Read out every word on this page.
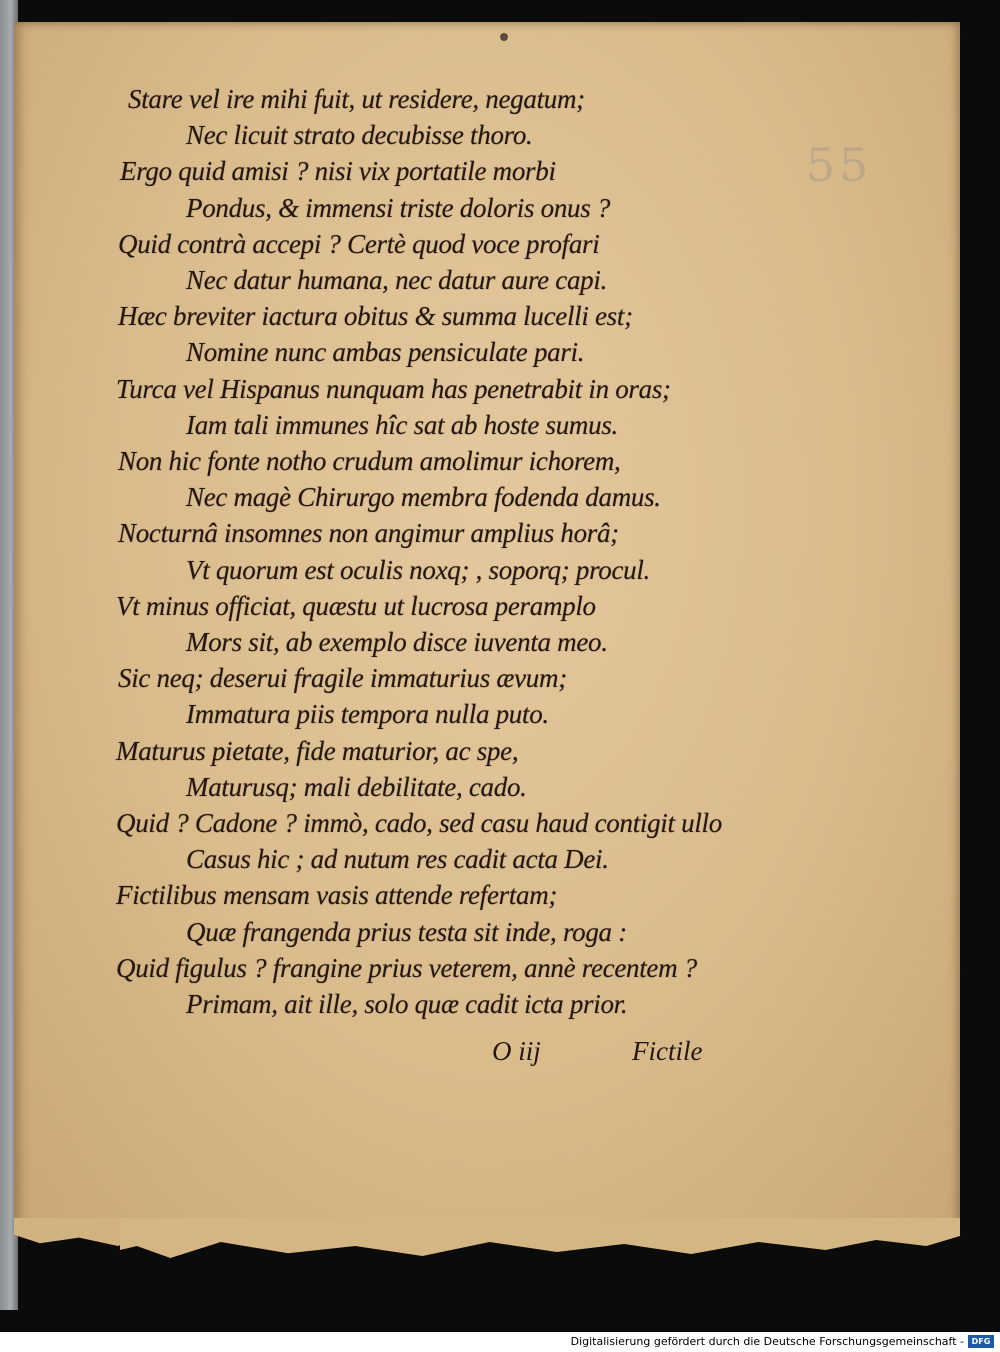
55
Stare vel ire mihi fuit, ut residere, negatum;
Nec licuit strato decubisse thoro.
Ergo quid amisi ? nisi vix portatile morbi
Pondus, & immensi triste doloris onus ?
Quid contrà accepi ? Certè quod voce profari
Nec datur humana, nec datur aure capi.
Hæc breviter iactura obitus & summa lucelli est;
Nomine nunc ambas pensiculate pari.
Turca vel Hispanus nunquam has penetrabit in oras;
Iam tali immunes hîc sat ab hoste sumus.
Non hic fonte notho crudum amolimur ichorem,
Nec magè Chirurgo membra fodenda damus.
Nocturnâ insomnes non angimur amplius horâ;
Vt quorum est oculis noxq; , soporq; procul.
Vt minus officiat, quæstu ut lucrosa peramplo
Mors sit, ab exemplo disce iuventa meo.
Sic neq; deserui fragile immaturius ævum;
Immatura piis tempora nulla puto.
Maturus pietate, fide maturior, ac spe,
Maturusq; mali debilitate, cado.
Quid ? Cadone ? immò, cado, sed casu haud contigit ullo
Casus hic ; ad nutum res cadit acta Dei.
Fictilibus mensam vasis attende refertam;
Quæ frangenda prius testa sit inde, roga :
Quid figulus ? frangine prius veterem, annè recentem ?
Primam, ait ille, solo quæ cadit icta prior.
O iij	Fictile
Digitalisierung gefördert durch die Deutsche Forschungsgemeinschaft - DFG
